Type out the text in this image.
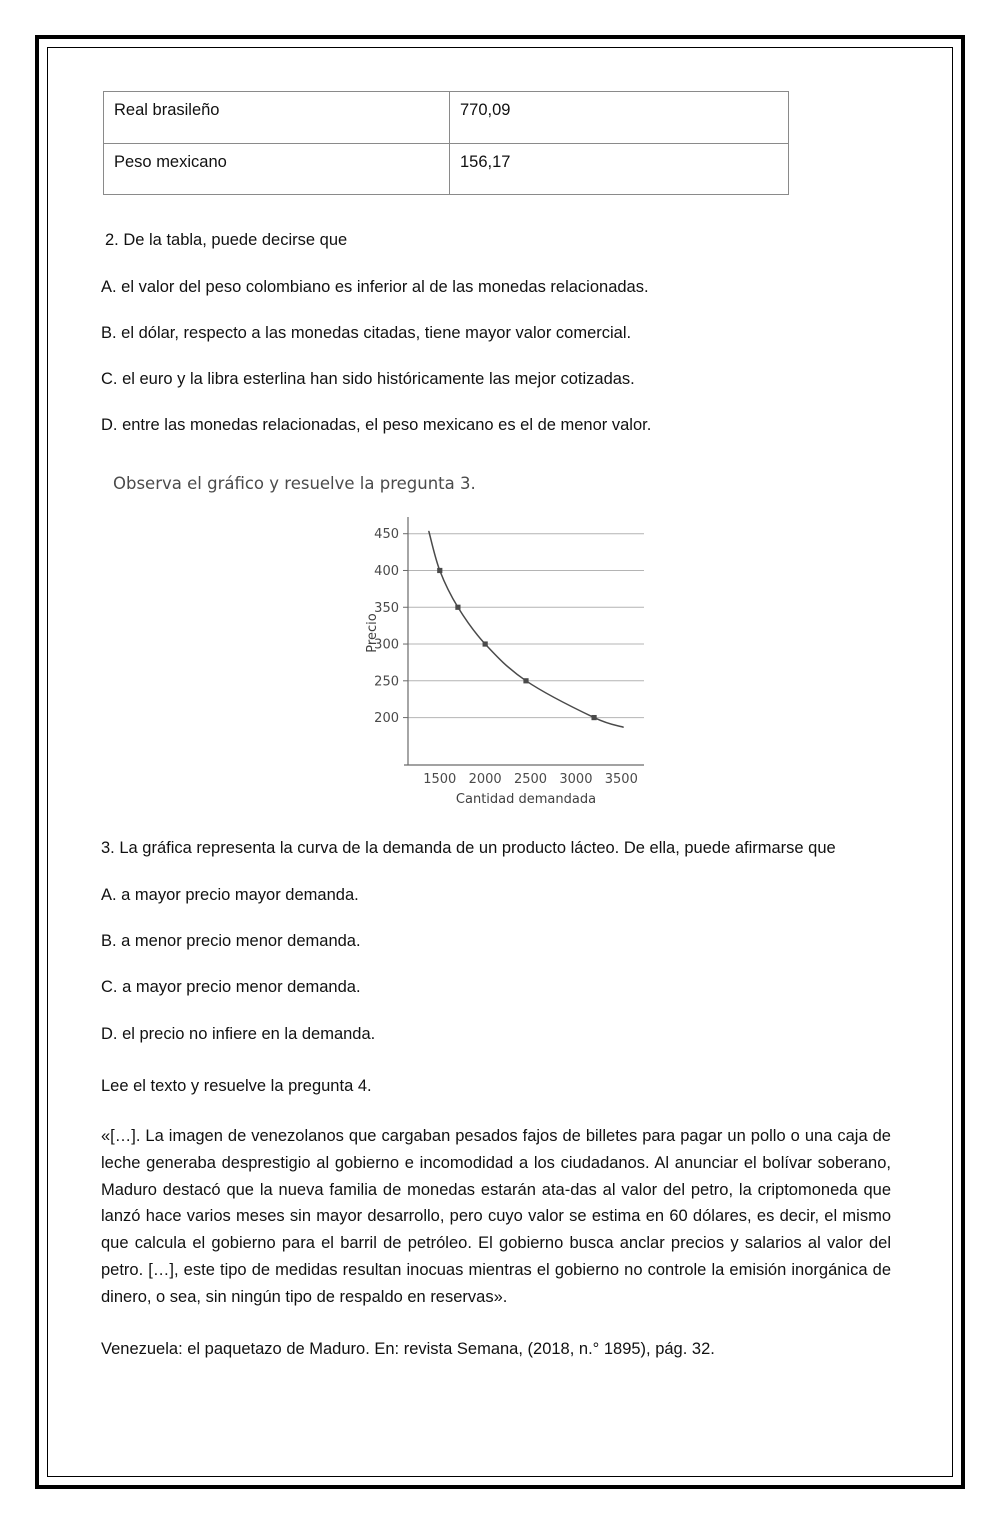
Real brasileño	770,09
Peso mexicano	156,17

2. De la tabla, puede decirse que

A. el valor del peso colombiano es inferior al de las monedas relacionadas.

B. el dólar, respecto a las monedas citadas, tiene mayor valor comercial.

C. el euro y la libra esterlina han sido históricamente las mejor cotizadas.

D. entre las monedas relacionadas, el peso mexicano es el de menor valor.

Observa el gráfico y resuelve la pregunta 3.

200
250
300
350
400
450
1500 2000 2500 3000 3500
Precio
Cantidad demandada

3. La gráfica representa la curva de la demanda de un producto lácteo. De ella, puede afirmarse que

A. a mayor precio mayor demanda.

B. a menor precio menor demanda.

C. a mayor precio menor demanda.

D. el precio no infiere en la demanda.

Lee el texto y resuelve la pregunta 4.

«[…]. La imagen de venezolanos que cargaban pesados fajos de billetes para pagar un pollo o una caja de leche generaba desprestigio al gobierno e incomodidad a los ciudadanos. Al anunciar el bolívar soberano, Maduro destacó que la nueva familia de monedas estarán ata-das al valor del petro, la criptomoneda que lanzó hace varios meses sin mayor desarrollo, pero cuyo valor se estima en 60 dólares, es decir, el mismo que calcula el gobierno para el barril de petróleo. El gobierno busca anclar precios y salarios al valor del petro. […], este tipo de medidas resultan inocuas mientras el gobierno no controle la emisión inorgánica de dinero, o sea, sin ningún tipo de respaldo en reservas».

Venezuela: el paquetazo de Maduro. En: revista Semana, (2018, n.° 1895), pág. 32.
